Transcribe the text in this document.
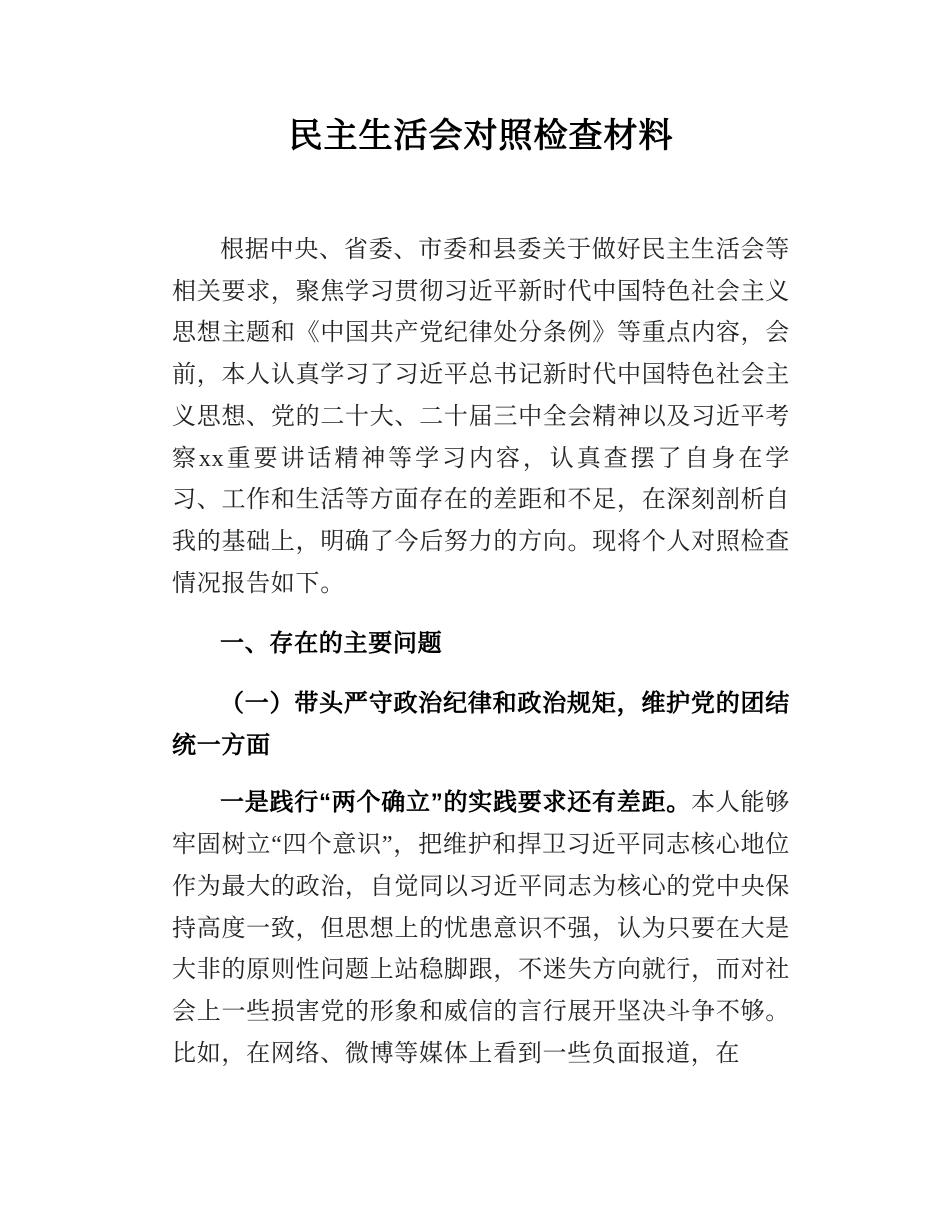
民主生活会对照检查材料

根据中央、省委、市委和县委关于做好民主生活会等相关要求，聚焦学习贯彻习近平新时代中国特色社会主义思想主题和《中国共产党纪律处分条例》等重点内容，会前，本人认真学习了习近平总书记新时代中国特色社会主义思想、党的二十大、二十届三中全会精神以及习近平考察xx重要讲话精神等学习内容，认真查摆了自身在学习、工作和生活等方面存在的差距和不足，在深刻剖析自我的基础上，明确了今后努力的方向。现将个人对照检查情况报告如下。

一、存在的主要问题
（一）带头严守政治纪律和政治规矩，维护党的团结统一方面

一是践行“两个确立”的实践要求还有差距。本人能够牢固树立“四个意识”，把维护和捍卫习近平同志核心地位作为最大的政治，自觉同以习近平同志为核心的党中央保持高度一致，但思想上的忧患意识不强，认为只要在大是大非的原则性问题上站稳脚跟，不迷失方向就行，而对社会上一些损害党的形象和威信的言行展开坚决斗争不够。比如，在网络、微博等媒体上看到一些负面报道，在
